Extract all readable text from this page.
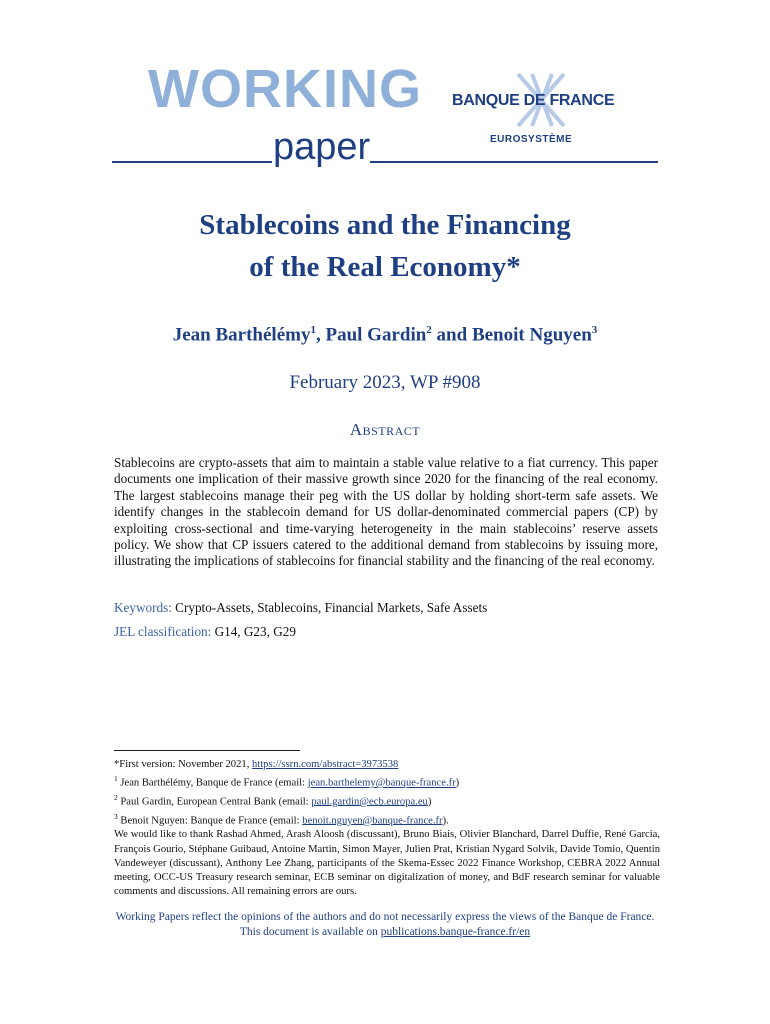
WORKING
paper
BANQUE DE FRANCE
EUROSYSTÈME
Stablecoins and the Financing
of the Real Economy*
Jean Barthélémy$^1$, Paul Gardin$^2$ and Benoit Nguyen$^3$
February 2023, WP #908
Abstract
Stablecoins are crypto-assets that aim to maintain a stable value relative to a fiat currency. This paper documents one implication of their massive growth since 2020 for the financing of the real economy. The largest stablecoins manage their peg with the US dollar by holding short-term safe assets. We identify changes in the stablecoin demand for US dollar-denominated commercial papers (CP) by exploiting cross-sectional and time-varying heterogeneity in the main stablecoins’ reserve assets policy. We show that CP issuers catered to the additional demand from stablecoins by issuing more, illustrating the implications of stablecoins for financial stability and the financing of the real economy.
Keywords: Crypto-Assets, Stablecoins, Financial Markets, Safe Assets
JEL classification: G14, G23, G29
*First version: November 2021, https://ssrn.com/abstract=3973538
$^1$ Jean Barthélémy, Banque de France (email: jean.barthelemy@banque-france.fr)
$^2$ Paul Gardin, European Central Bank (email: paul.gardin@ecb.europa.eu)
$^3$ Benoit Nguyen: Banque de France (email: benoit.nguyen@banque-france.fr).
We would like to thank Rashad Ahmed, Arash Aloosh (discussant), Bruno Biais, Olivier Blanchard, Darrel Duffie, René Garcia, François Gourio, Stéphane Guibaud, Antoine Martin, Simon Mayer, Julien Prat, Kristian Nygard Solvik, Davide Tomio, Quentin Vandeweyer (discussant), Anthony Lee Zhang, participants of the Skema-Essec 2022 Finance Workshop, CEBRA 2022 Annual meeting, OCC-US Treasury research seminar, ECB seminar on digitalization of money, and BdF research seminar for valuable comments and discussions. All remaining errors are ours.
Working Papers reflect the opinions of the authors and do not necessarily express the views of the Banque de France. This document is available on publications.banque-france.fr/en
